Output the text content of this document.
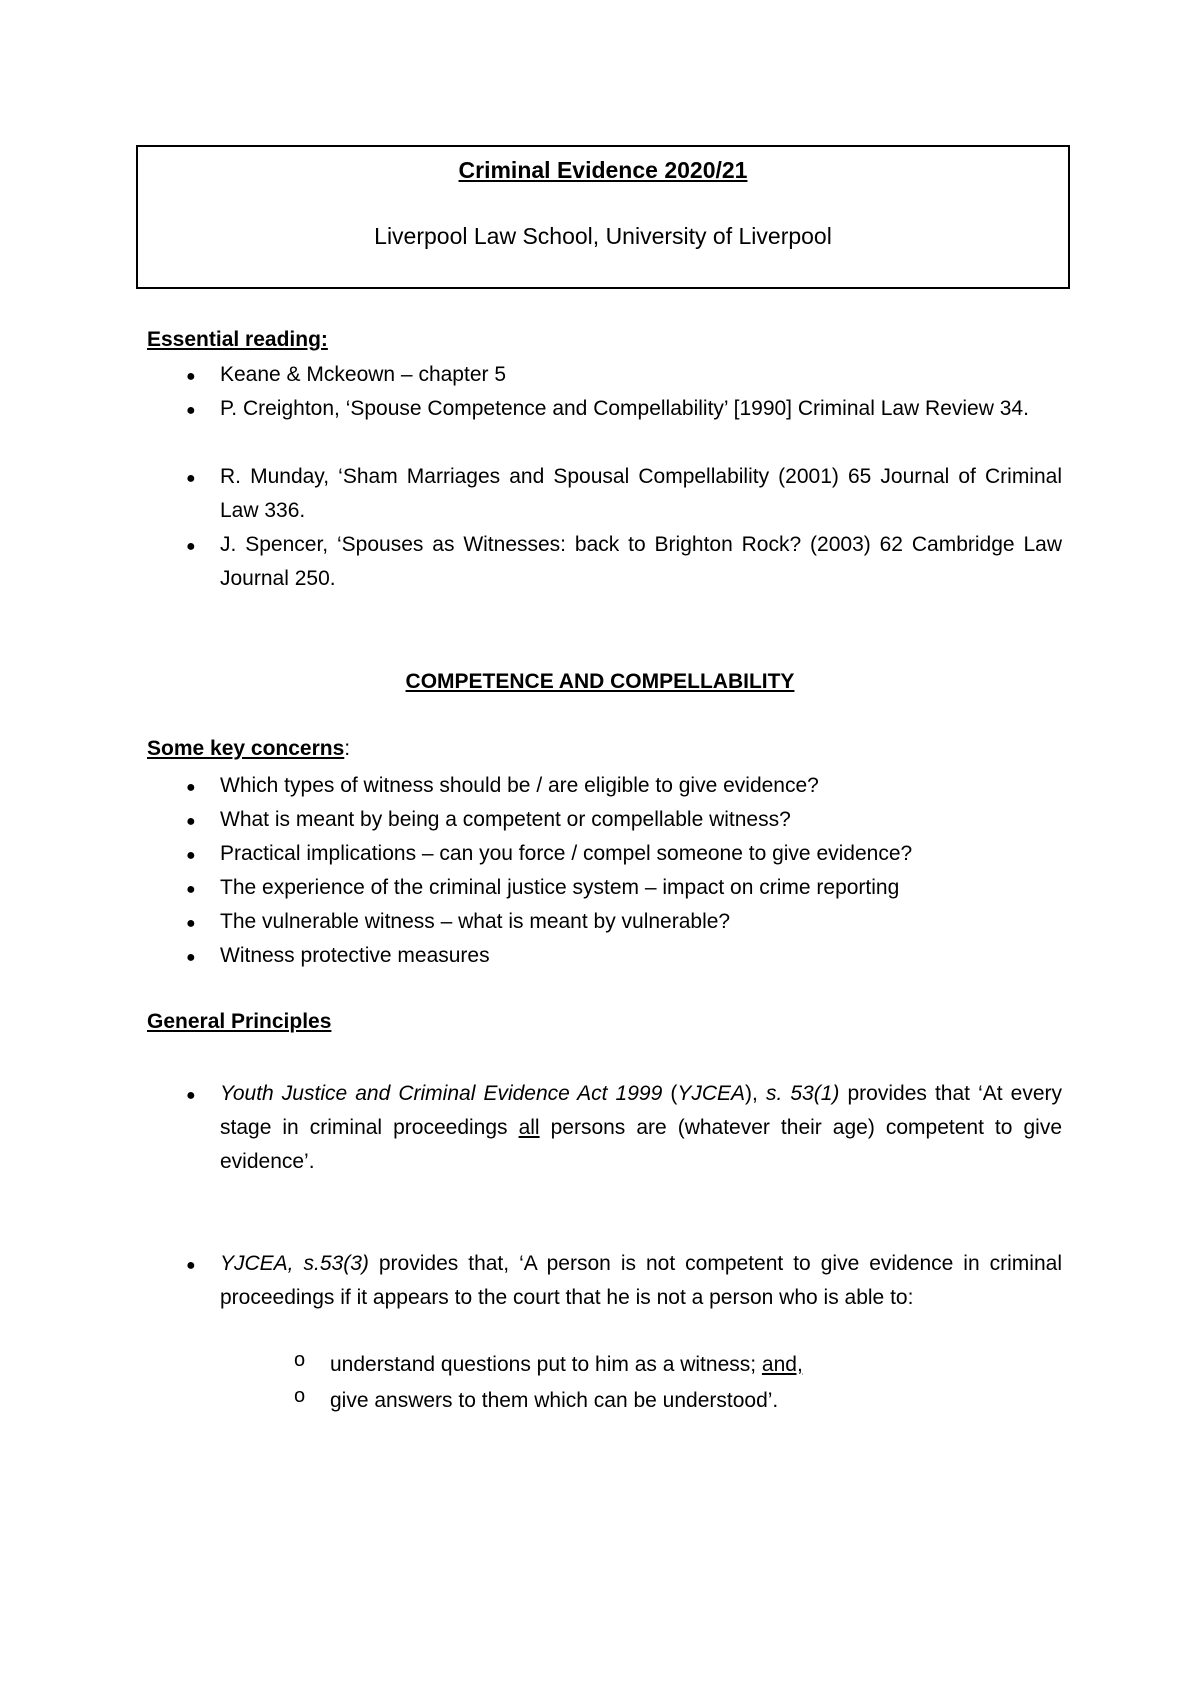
Criminal Evidence 2020/21
Liverpool Law School, University of Liverpool
Essential reading:
● Keane & Mckeown – chapter 5
● P. Creighton, ‘Spouse Competence and Compellability’ [1990] Criminal Law Review 34.
● R. Munday, ‘Sham Marriages and Spousal Compellability (2001) 65 Journal of Criminal Law 336.
● J. Spencer, ‘Spouses as Witnesses: back to Brighton Rock? (2003) 62 Cambridge Law Journal 250.
COMPETENCE AND COMPELLABILITY
Some key concerns:
● Which types of witness should be / are eligible to give evidence?
● What is meant by being a competent or compellable witness?
● Practical implications – can you force / compel someone to give evidence?
● The experience of the criminal justice system – impact on crime reporting
● The vulnerable witness – what is meant by vulnerable?
● Witness protective measures
General Principles
● Youth Justice and Criminal Evidence Act 1999 (YJCEA), s. 53(1) provides that ‘At every stage in criminal proceedings all persons are (whatever their age) competent to give evidence’.
● YJCEA, s.53(3) provides that, ‘A person is not competent to give evidence in criminal proceedings if it appears to the court that he is not a person who is able to:
o understand questions put to him as a witness; and,
o give answers to them which can be understood’.
